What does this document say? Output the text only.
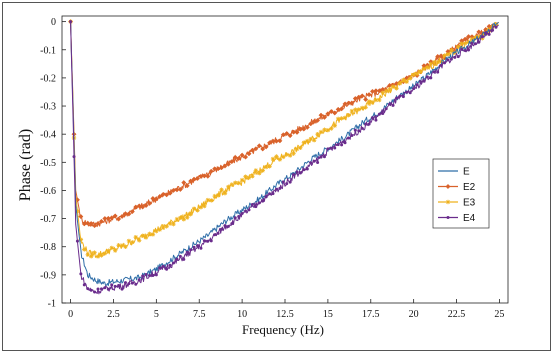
0	2.5	5	7.5	10	12.5	15	17.5	20	22.5	25
0
-0.1
-0.2
-0.3
-0.4
-0.5
-0.6
-0.7
-0.8
-0.9
-1
E
E2
E3
E4
Frequency (Hz)
Phase (rad)
